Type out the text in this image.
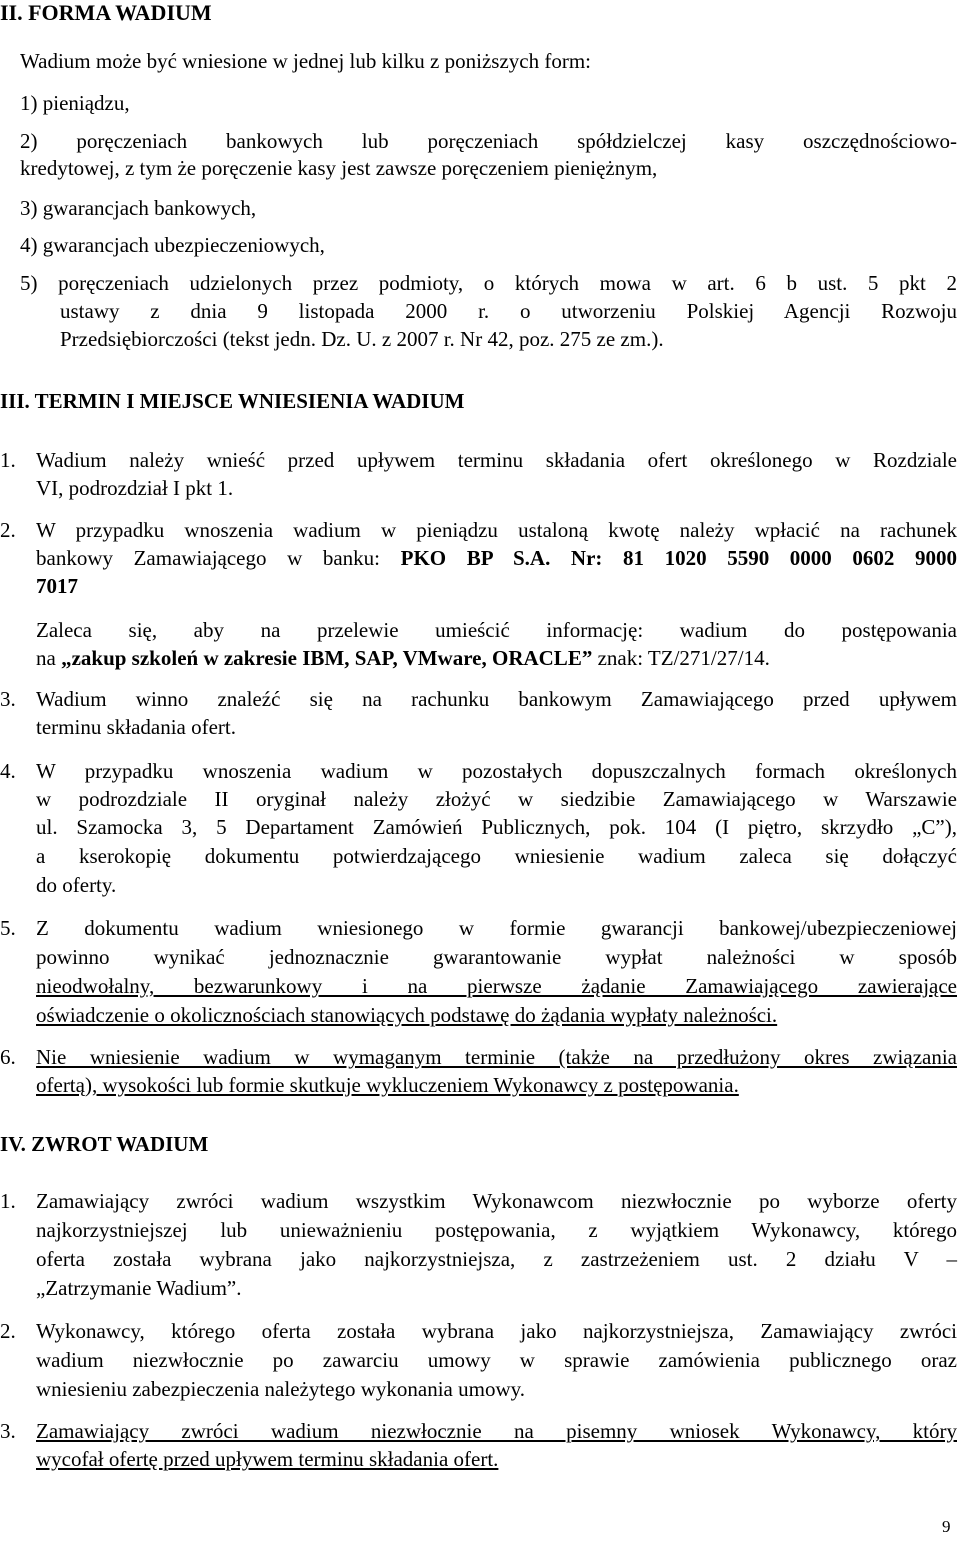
II. FORMA WADIUM
Wadium może być wniesione w jednej lub kilku z poniższych form:
1) pieniądzu,
2) poręczeniach bankowych lub poręczeniach spółdzielczej kasy oszczędnościowo-
kredytowej, z tym że poręczenie kasy jest zawsze poręczeniem pieniężnym,
3) gwarancjach bankowych,
4) gwarancjach ubezpieczeniowych,
5) poręczeniach udzielonych przez podmioty, o których mowa w art. 6 b ust. 5 pkt 2
ustawy z dnia 9 listopada 2000 r. o utworzeniu Polskiej Agencji Rozwoju
Przedsiębiorczości (tekst jedn. Dz. U. z 2007 r. Nr 42, poz. 275 ze zm.).
III. TERMIN I MIEJSCE WNIESIENIA WADIUM
1. Wadium należy wnieść przed upływem terminu składania ofert określonego w Rozdziale
VI, podrozdział I pkt 1.
2. W przypadku wnoszenia wadium w pieniądzu ustaloną kwotę należy wpłacić na rachunek
bankowy Zamawiającego w banku: PKO BP S.A. Nr: 81 1020 5590 0000 0602 9000
7017
Zaleca się, aby na przelewie umieścić informację: wadium do postępowania
na „zakup szkoleń w zakresie IBM, SAP, VMware, ORACLE” znak: TZ/271/27/14.
3. Wadium winno znaleźć się na rachunku bankowym Zamawiającego przed upływem
terminu składania ofert.
4. W przypadku wnoszenia wadium w pozostałych dopuszczalnych formach określonych
w podrozdziale II oryginał należy złożyć w siedzibie Zamawiającego w Warszawie
ul. Szamocka 3, 5 Departament Zamówień Publicznych, pok. 104 (I piętro, skrzydło „C”),
a kserokopię dokumentu potwierdzającego wniesienie wadium zaleca się dołączyć
do oferty.
5. Z dokumentu wadium wniesionego w formie gwarancji bankowej/ubezpieczeniowej
powinno wynikać jednoznacznie gwarantowanie wypłat należności w sposób
nieodwołalny, bezwarunkowy i na pierwsze żądanie Zamawiającego zawierające
oświadczenie o okolicznościach stanowiących podstawę do żądania wypłaty należności.
6. Nie wniesienie wadium w wymaganym terminie (także na przedłużony okres związania
ofertą), wysokości lub formie skutkuje wykluczeniem Wykonawcy z postępowania.
IV. ZWROT WADIUM
1. Zamawiający zwróci wadium wszystkim Wykonawcom niezwłocznie po wyborze oferty
najkorzystniejszej lub unieważnieniu postępowania, z wyjątkiem Wykonawcy, którego
oferta została wybrana jako najkorzystniejsza, z zastrzeżeniem ust. 2 działu V –
„Zatrzymanie Wadium”.
2. Wykonawcy, którego oferta została wybrana jako najkorzystniejsza, Zamawiający zwróci
wadium niezwłocznie po zawarciu umowy w sprawie zamówienia publicznego oraz
wniesieniu zabezpieczenia należytego wykonania umowy.
3. Zamawiający zwróci wadium niezwłocznie na pisemny wniosek Wykonawcy, który
wycofał ofertę przed upływem terminu składania ofert.
9
